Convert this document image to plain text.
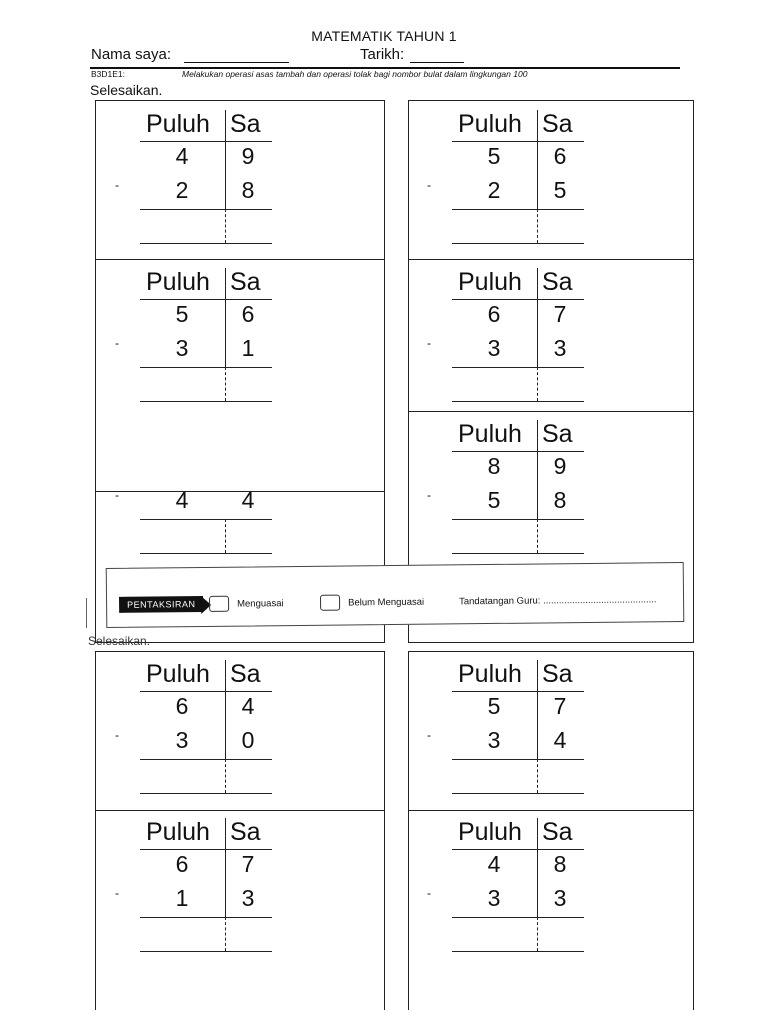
MATEMATIK TAHUN 1
Nama saya:	Tarikh:
B3D1E1:	Melakukan operasi asas tambah dan operasi tolak bagi nombor bulat dalam lingkungan 100
Selesaikan.
Puluh Sa
4	9
2	8
-
Puluh Sa
5	6
2	5
-
Puluh Sa
5	6
3	1
-
Puluh Sa
6	7
3	3
-
4	4
-
Puluh Sa
8	9
5	8
-
Puluh Sa
6	4
3	0
-
Puluh Sa
5	7
3	4
-
Puluh Sa
6	7
1	3
-
Puluh Sa
4	8
3	3
-
Selesaikan.
PENTAKSIRAN	Menguasai	Belum Menguasai	Tandatangan Guru: ...........................................
